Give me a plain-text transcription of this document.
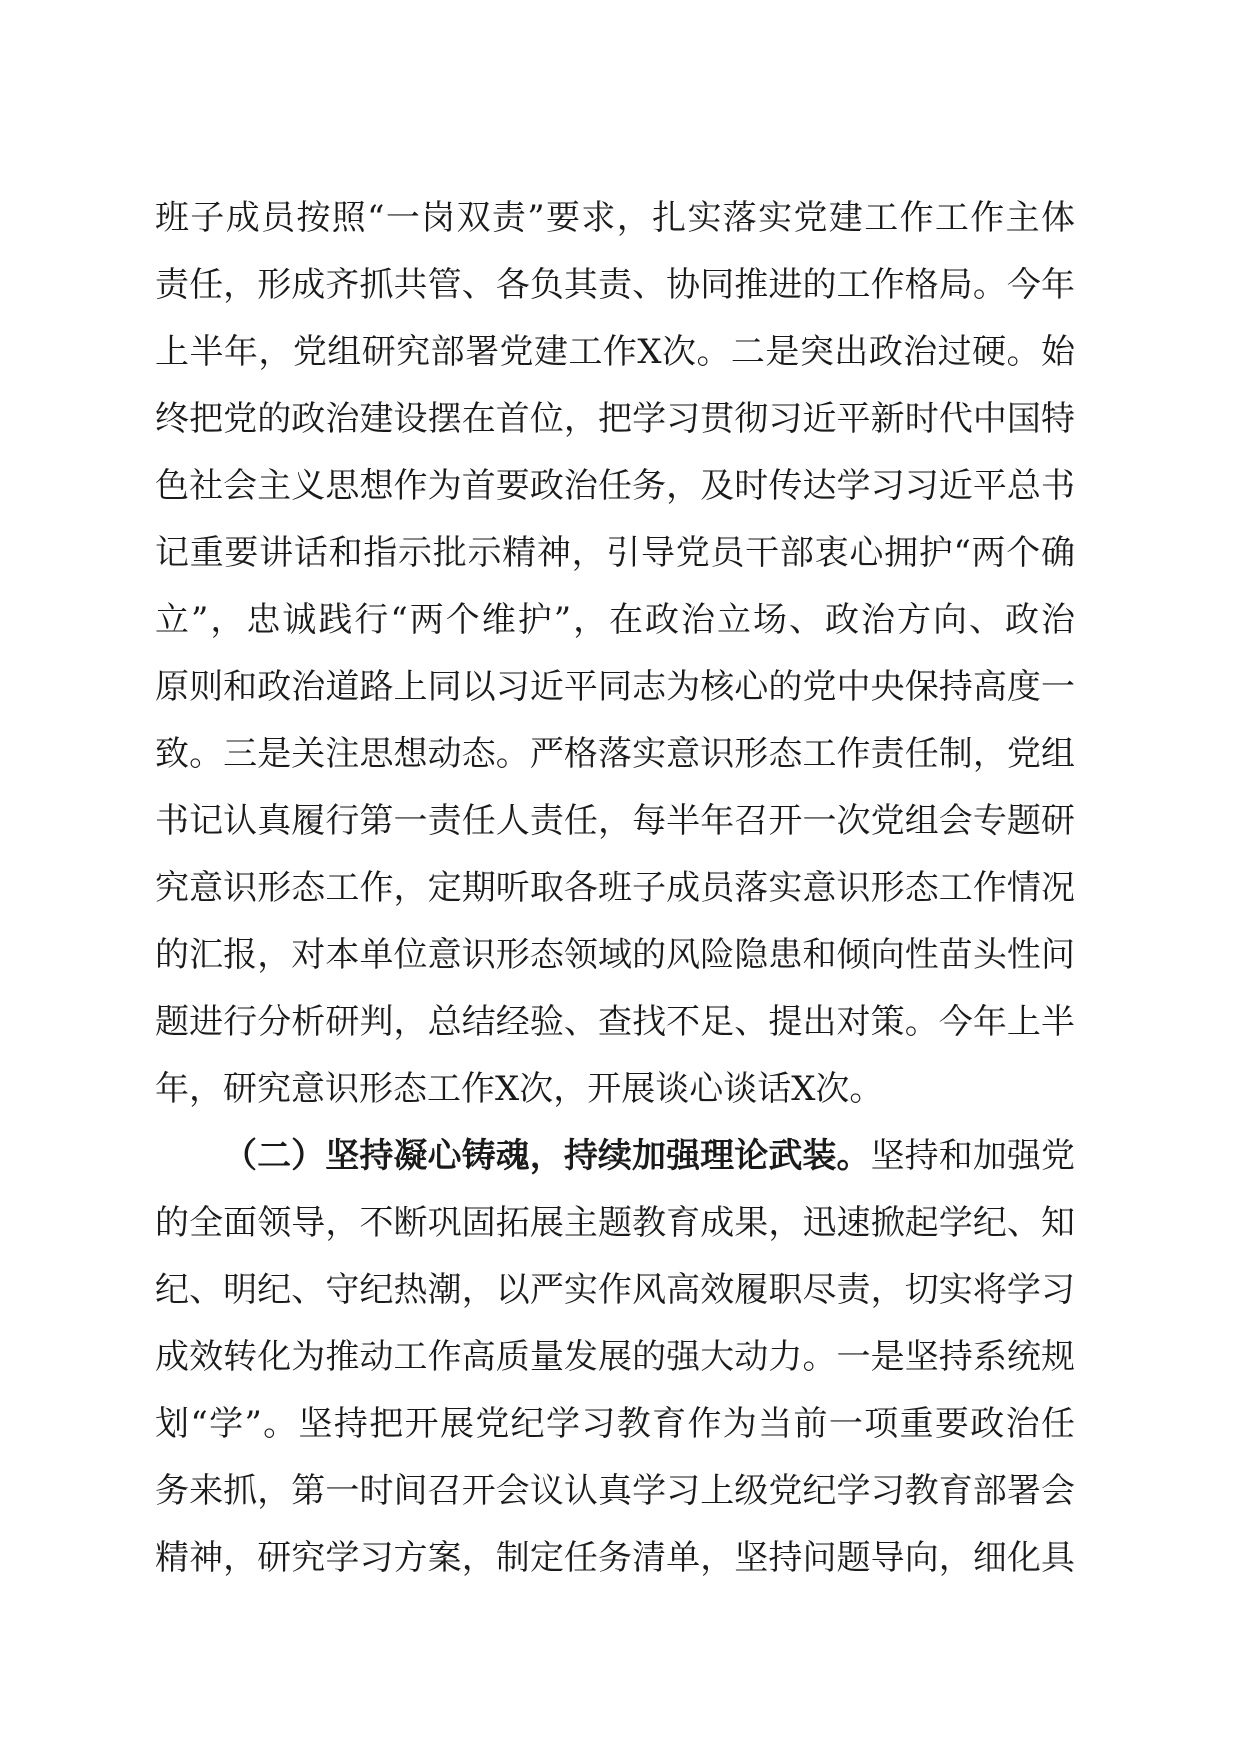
班子成员按照“一岗双责”要求，扎实落实党建工作工作主体
责任，形成齐抓共管、各负其责、协同推进的工作格局。今年
上半年，党组研究部署党建工作X次。二是突出政治过硬。始
终把党的政治建设摆在首位，把学习贯彻习近平新时代中国特
色社会主义思想作为首要政治任务，及时传达学习习近平总书
记重要讲话和指示批示精神，引导党员干部衷心拥护“两个确
立”，忠诚践行“两个维护”，在政治立场、政治方向、政治
原则和政治道路上同以习近平同志为核心的党中央保持高度一
致。三是关注思想动态。严格落实意识形态工作责任制，党组
书记认真履行第一责任人责任，每半年召开一次党组会专题研
究意识形态工作，定期听取各班子成员落实意识形态工作情况
的汇报，对本单位意识形态领域的风险隐患和倾向性苗头性问
题进行分析研判，总结经验、查找不足、提出对策。今年上半
年，研究意识形态工作X次，开展谈心谈话X次。
（二）坚持凝心铸魂，持续加强理论武装。坚持和加强党
的全面领导，不断巩固拓展主题教育成果，迅速掀起学纪、知
纪、明纪、守纪热潮，以严实作风高效履职尽责，切实将学习
成效转化为推动工作高质量发展的强大动力。一是坚持系统规
划“学”。坚持把开展党纪学习教育作为当前一项重要政治任
务来抓，第一时间召开会议认真学习上级党纪学习教育部署会
精神，研究学习方案，制定任务清单，坚持问题导向，细化具
